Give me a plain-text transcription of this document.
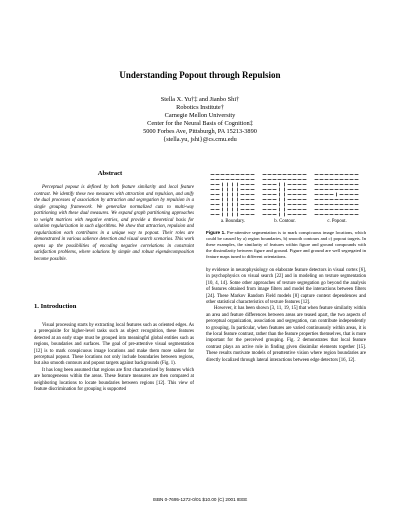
Understanding Popout through Repulsion
Stella X. Yu†‡ and Jianbo Shi†
Robotics Institute†
Carnegie Mellon University
Center for the Neural Basis of Cognition‡
5000 Forbes Ave, Pittsburgh, PA 15213-3890
{stella.yu, jshi}@cs.cmu.edu
Abstract

Perceptual popout is defined by both feature similarity and local feature contrast. We identify these two measures with attraction and repulsion, and unify the dual processes of association by attraction and segregation by repulsion in a single grouping framework. We generalize normalized cuts to multi-way partitioning with these dual measures. We expand graph partitioning approaches to weight matrices with negative entries, and provide a theoretical basis for solution regularization in such algorithms. We show that attraction, repulsion and regularization each contributes in a unique way to popout. Their roles are demonstrated in various salience detection and visual search scenarios. This work opens up the possibilities of encoding negative correlations in constraint satisfaction problems, where solutions by simple and robust eigendecomposition become possible.

a. Boundary.	b. Contour.	c. Popout.
Figure 1. Pre-attentive segmentation is to mark conspicuous image locations, which could be caused by a) region boundaries, b) smooth contours and c) popout targets. In these examples, the similarity of features within figure and ground compounds with the dissimilarity between figure and ground. Figure and ground are well segregated in feature maps tuned to different orientations.
1. Introduction

Visual processing starts by extracting local features such as oriented edges. As a prerequisite for higher-level tasks such as object recognition, these features detected at an early stage must be grouped into meaningful global entities such as regions, boundaries and surfaces. The goal of pre-attentive visual segmentation [12] is to mark conspicuous image locations and make them more salient for perceptual popout. These locations not only include boundaries between regions, but also smooth contours and popout targets against backgrounds (Fig. 1).

It has long been assumed that regions are first characterized by features which are homogeneous within the areas. These feature measures are then compared at neighboring locations to locate boundaries between regions [12]. This view of feature discrimination for grouping is supported

by evidence in neurophysiology on elaborate feature detectors in visual cortex [6], in psychophysics on visual search [22] and in modeling on texture segmentation [10, 4, 14]. Some other approaches of texture segregation go beyond the analysis of features obtained from image filters and model the interactions between filters [24]. These Markov Random Field models [8] capture context dependences and other statistical characteristics of texture features [12].

However, it has been shown [3, 11, 19, 15] that when feature similarity within an area and feature differences between areas are teased apart, the two aspects of perceptual organization, association and segregation, can contribute independently to grouping. In particular, when features are varied continuously within areas, it is the local feature contrast, rather than the feature properties themselves, that is more important for the perceived grouping. Fig. 2 demonstrates that local feature contrast plays an active role in finding given dissimilar elements together [15]. These results motivate models of preattentive vision where region boundaries are directly localized through lateral interactions between edge detectors [16, 12].

ISBN 0-7695-1272-0/01 $10.00 (C) 2001 IEEE
